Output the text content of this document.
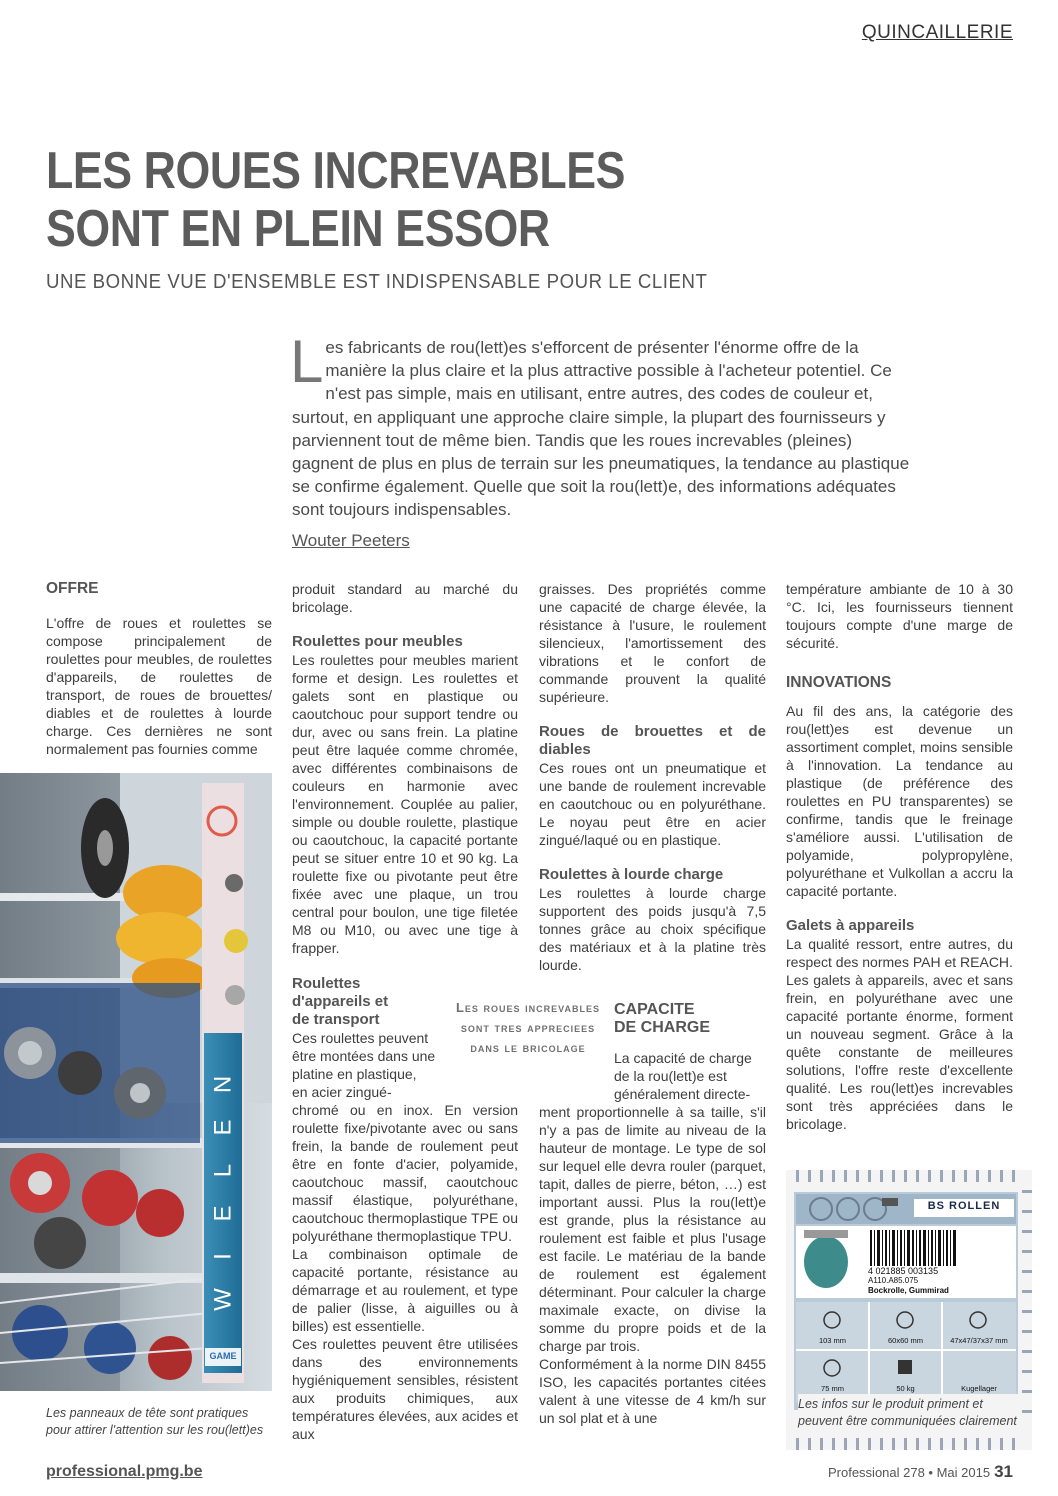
QUINCAILLERIE
LES ROUES INCREVABLES
SONT EN PLEIN ESSOR
UNE BONNE VUE D'ENSEMBLE EST INDISPENSABLE POUR LE CLIENT
Les fabricants de rou(lett)es s'efforcent de présenter l'énorme offre de la manière la plus claire et la plus attractive possible à l'acheteur potentiel. Ce n'est pas simple, mais en utilisant, entre autres, des codes de couleur et, surtout, en appliquant une approche claire simple, la plupart des fournisseurs y parviennent tout de même bien. Tandis que les roues increvables (pleines) gagnent de plus en plus de terrain sur les pneumatiques, la tendance au plastique se confirme également. Quelle que soit la rou(lett)e, des informations adéquates sont toujours indispensables.
Wouter Peeters
OFFRE

L'offre de roues et roulettes se compose principalement de roulettes pour meubles, de roulettes d'appareils, de roulettes de transport, de roues de brouettes/ diables et de roulettes à lourde charge. Ces dernières ne sont normalement pas fournies comme

W
I
E
L
E
N
GAME
Les panneaux de tête sont pratiques pour attirer l'attention sur les rou(lett)es

produit standard au marché du bricolage.

Roulettes pour meubles

Les roulettes pour meubles marient forme et design. Les roulettes et galets sont en plastique ou caoutchouc pour support tendre ou dur, avec ou sans frein. La platine peut être laquée comme chromée, avec différentes combinaisons de couleurs en harmonie avec l'environnement. Couplée au palier, simple ou double roulette, plastique ou caoutchouc, la capacité portante peut se situer entre 10 et 90 kg. La roulette fixe ou pivotante peut être fixée avec une plaque, un trou central pour boulon, une tige filetée M8 ou M10, ou avec une tige à frapper.

Roulettes
d'appareils et
de transport

Ces roulettes peuvent

être montées dans une

platine en plastique,

en acier zingué-

chromé ou en inox. En version roulette fixe/pivotante avec ou sans frein, la bande de roulement peut être en fonte d'acier, polyamide, caoutchouc massif, caoutchouc massif élastique, polyuréthane, caoutchouc thermoplastique TPE ou polyuréthane thermoplastique TPU.

La combinaison optimale de capacité portante, résistance au démarrage et au roulement, et type de palier (lisse, à aiguilles ou à billes) est essentielle.

Ces roulettes peuvent être utilisées dans des environnements hygiéniquement sensibles, résistent aux produits chimiques, aux températures élevées, aux acides et aux

graisses. Des propriétés comme une capacité de charge élevée, la résistance à l'usure, le roulement silencieux, l'amortissement des vibrations et le confort de commande prouvent la qualité supérieure.

Roues de brouettes et de diables

Ces roues ont un pneumatique et une bande de roulement increvable en caoutchouc ou en polyuréthane. Le noyau peut être en acier zingué/laqué ou en plastique.

Roulettes à lourde charge

Les roulettes à lourde charge supportent des poids jusqu'à 7,5 tonnes grâce au choix spécifique des matériaux et à la platine très lourde.

Les roues increvables sont tres appreciees dans le bricolage
CAPACITE
DE CHARGE

La capacité de charge

de la rou(lett)e est

généralement directe-

ment proportionnelle à sa taille, s'il n'y a pas de limite au niveau de la hauteur de montage. Le type de sol sur lequel elle devra rouler (parquet, tapit, dalles de pierre, béton, …) est important aussi. Plus la rou(lett)e est grande, plus la résistance au roulement est faible et plus l'usage est facile. Le matériau de la bande de roulement est également déterminant. Pour calculer la charge maximale exacte, on divise la somme du propre poids et de la charge par trois.

Conformément à la norme DIN 8455 ISO, les capacités portantes citées valent à une vitesse de 4 km/h sur un sol plat et à une

température ambiante de 10 à 30 °C. Ici, les fournisseurs tiennent toujours compte d'une marge de sécurité.

INNOVATIONS

Au fil des ans, la catégorie des rou(lett)es est devenue un assortiment complet, moins sensible à l'innovation. La tendance au plastique (de préférence des roulettes en PU transparentes) se confirme, tandis que le freinage s'améliore aussi. L'utilisation de polyamide, polypropylène, polyuréthane et Vulkollan a accru la capacité portante.

Galets à appareils

La qualité ressort, entre autres, du respect des normes PAH et REACH.

Les galets à appareils, avec et sans frein, en polyuréthane avec une capacité portante énorme, forment un nouveau segment. Grâce à la quête constante de meilleures solutions, l'offre reste d'excellente qualité. Les rou(lett)es increvables sont très appréciées dans le bricolage.

BS ROLLEN
4 021885 003135
A110.A85.075
Bockrolle, Gummirad
103 mm	60x60 mm	47x47/37x37 mm
75 mm	50 kg	Kugellager
Les infos sur le produit priment et peuvent être communiquées clairement
professional.pmg.be	Professional 278 • Mai 2015 31
